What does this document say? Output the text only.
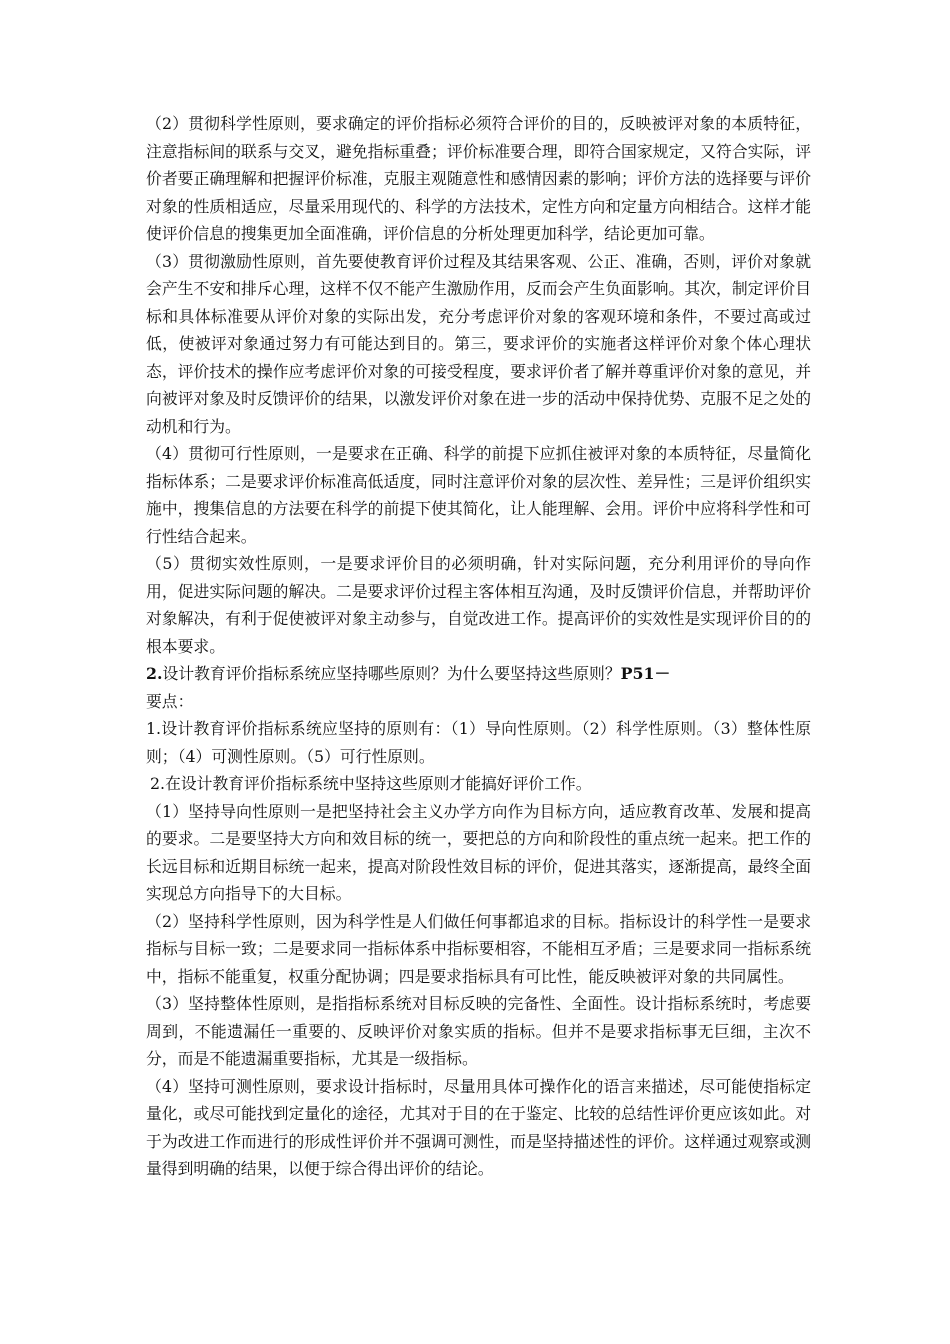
（2）贯彻科学性原则，要求确定的评价指标必须符合评价的目的，反映被评对象的本质特征，注意指标间的联系与交叉，避免指标重叠；评价标准要合理，即符合国家规定，又符合实际，评价者要正确理解和把握评价标准，克服主观随意性和感情因素的影响；评价方法的选择要与评价对象的性质相适应，尽量采用现代的、科学的方法技术，定性方向和定量方向相结合。这样才能使评价信息的搜集更加全面准确，评价信息的分析处理更加科学，结论更加可靠。

（3）贯彻激励性原则，首先要使教育评价过程及其结果客观、公正、准确，否则，评价对象就会产生不安和排斥心理，这样不仅不能产生激励作用，反而会产生负面影响。其次，制定评价目标和具体标准要从评价对象的实际出发，充分考虑评价对象的客观环境和条件，不要过高或过低，使被评对象通过努力有可能达到目的。第三，要求评价的实施者这样评价对象个体心理状态，评价技术的操作应考虑评价对象的可接受程度，要求评价者了解并尊重评价对象的意见，并向被评对象及时反馈评价的结果，以激发评价对象在进一步的活动中保持优势、克服不足之处的动机和行为。

（4）贯彻可行性原则，一是要求在正确、科学的前提下应抓住被评对象的本质特征，尽量简化指标体系；二是要求评价标准高低适度，同时注意评价对象的层次性、差异性；三是评价组织实施中，搜集信息的方法要在科学的前提下使其简化，让人能理解、会用。评价中应将科学性和可行性结合起来。

（5）贯彻实效性原则，一是要求评价目的必须明确，针对实际问题，充分利用评价的导向作用，促进实际问题的解决。二是要求评价过程主客体相互沟通，及时反馈评价信息，并帮助评价对象解决，有利于促使被评对象主动参与，自觉改进工作。提高评价的实效性是实现评价目的的根本要求。

2.设计教育评价指标系统应坚持哪些原则？为什么要坚持这些原则？P51－

要点：

1.设计教育评价指标系统应坚持的原则有：（1）导向性原则。（2）科学性原则。（3）整体性原则；（4）可测性原则。（5）可行性原则。

2.在设计教育评价指标系统中坚持这些原则才能搞好评价工作。

（1）坚持导向性原则一是把坚持社会主义办学方向作为目标方向，适应教育改革、发展和提高的要求。二是要坚持大方向和效目标的统一，要把总的方向和阶段性的重点统一起来。把工作的长远目标和近期目标统一起来，提高对阶段性效目标的评价，促进其落实，逐渐提高，最终全面实现总方向指导下的大目标。

（2）坚持科学性原则，因为科学性是人们做任何事都追求的目标。指标设计的科学性一是要求指标与目标一致；二是要求同一指标体系中指标要相容，不能相互矛盾；三是要求同一指标系统中，指标不能重复，权重分配协调；四是要求指标具有可比性，能反映被评对象的共同属性。

（3）坚持整体性原则，是指指标系统对目标反映的完备性、全面性。设计指标系统时，考虑要周到，不能遗漏任一重要的、反映评价对象实质的指标。但并不是要求指标事无巨细，主次不分，而是不能遗漏重要指标，尤其是一级指标。

（4）坚持可测性原则，要求设计指标时，尽量用具体可操作化的语言来描述，尽可能使指标定量化，或尽可能找到定量化的途径，尤其对于目的在于鉴定、比较的总结性评价更应该如此。对于为改进工作而进行的形成性评价并不强调可测性，而是坚持描述性的评价。这样通过观察或测量得到明确的结果，以便于综合得出评价的结论。
